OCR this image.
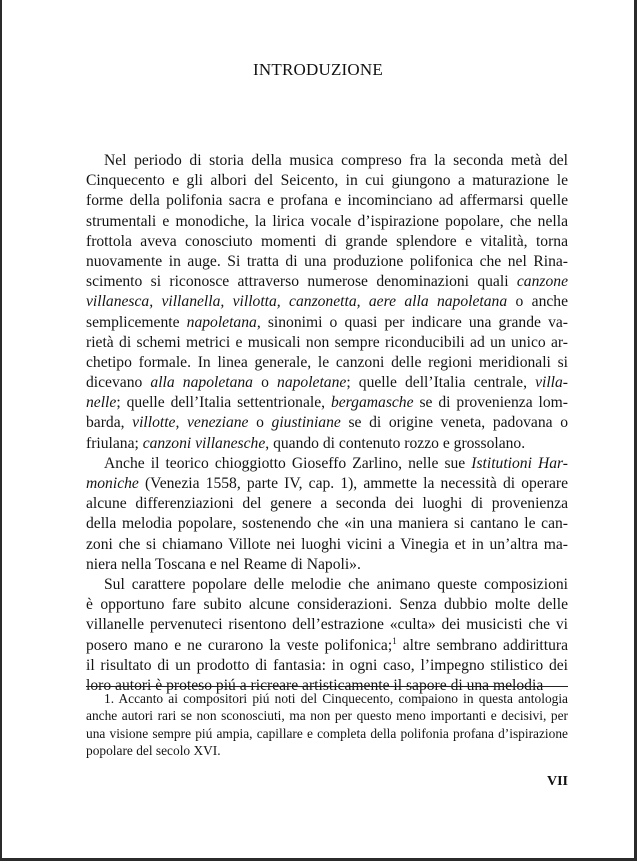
INTRODUZIONE
Nel periodo di storia della musica compreso fra la seconda metà del
Cinquecento e gli albori del Seicento, in cui giungono a maturazione le
forme della polifonia sacra e profana e incominciano ad affermarsi quelle
strumentali e monodiche, la lirica vocale d’ispirazione popolare, che nella
frottola aveva conosciuto momenti di grande splendore e vitalità, torna
nuovamente in auge. Si tratta di una produzione polifonica che nel Rina-
scimento si riconosce attraverso numerose denominazioni quali canzone
villanesca, villanella, villotta, canzonetta, aere alla napoletana o anche
semplicemente napoletana, sinonimi o quasi per indicare una grande va-
rietà di schemi metrici e musicali non sempre riconducibili ad un unico ar-
chetipo formale. In linea generale, le canzoni delle regioni meridionali si
dicevano alla napoletana o napoletane; quelle dell’Italia centrale, villa-
nelle; quelle dell’Italia settentrionale, bergamasche se di provenienza lom-
barda, villotte, veneziane o giustiniane se di origine veneta, padovana o
friulana; canzoni villanesche, quando di contenuto rozzo e grossolano.
Anche il teorico chioggiotto Gioseffo Zarlino, nelle sue Istitutioni Har-
moniche (Venezia 1558, parte IV, cap. 1), ammette la necessità di operare
alcune differenziazioni del genere a seconda dei luoghi di provenienza
della melodia popolare, sostenendo che «in una maniera si cantano le can-
zoni che si chiamano Villote nei luoghi vicini a Vinegia et in un’altra ma-
niera nella Toscana e nel Reame di Napoli».
Sul carattere popolare delle melodie che animano queste composizioni
è opportuno fare subito alcune considerazioni. Senza dubbio molte delle
villanelle pervenuteci risentono dell’estrazione «culta» dei musicisti che vi
posero mano e ne curarono la veste polifonica;$^1$ altre sembrano addirittura
il risultato di un prodotto di fantasia: in ogni caso, l’impegno stilistico dei
loro autori è proteso piú a ricreare artisticamente il sapore di una melodia
1. Accanto ai compositori piú noti del Cinquecento, compaiono in questa antologia
anche autori rari se non sconosciuti, ma non per questo meno importanti e decisivi, per
una visione sempre piú ampia, capillare e completa della polifonia profana d’ispirazione
popolare del secolo XVI.
VII
